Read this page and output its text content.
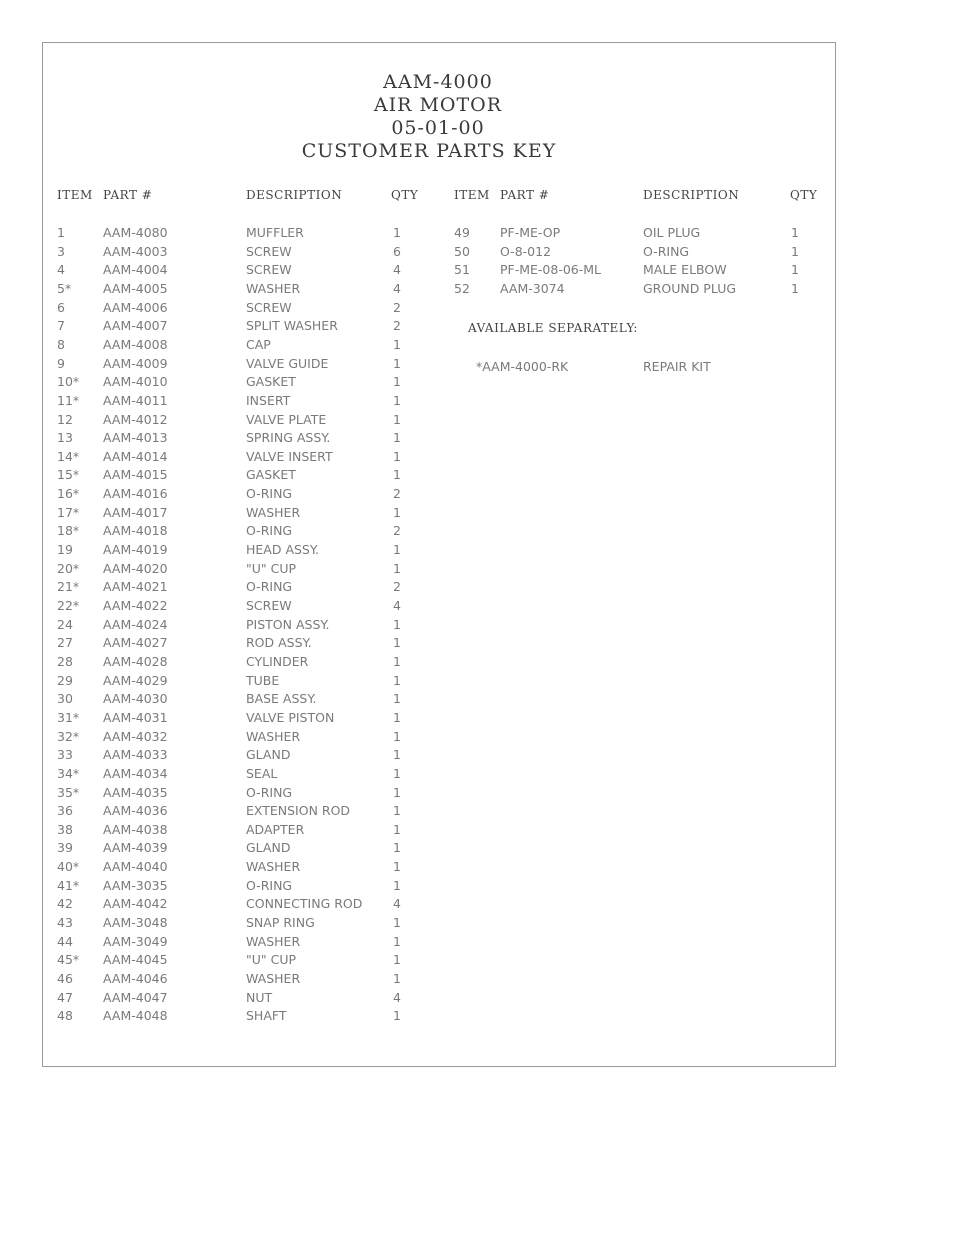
AAM-4000
AIR MOTOR
05-01-00
CUSTOMER PARTS KEY
ITEM PART #	DESCRIPTION	QTY	ITEM PART #	DESCRIPTION	QTY
1	AAM-4080	MUFFLER	1
3	AAM-4003	SCREW	6
4	AAM-4004	SCREW	4
5*	AAM-4005	WASHER	4
6	AAM-4006	SCREW	2
7	AAM-4007	SPLIT WASHER	2
8	AAM-4008	CAP	1
9	AAM-4009	VALVE GUIDE	1
10* AAM-4010	GASKET	1
11* AAM-4011	INSERT	1
12 AAM-4012	VALVE PLATE	1
13 AAM-4013	SPRING ASSY.	1
14* AAM-4014	VALVE INSERT	1
15* AAM-4015	GASKET	1
16* AAM-4016	O-RING	2
17* AAM-4017	WASHER	1
18* AAM-4018	O-RING	2
19 AAM-4019	HEAD ASSY.	1
20* AAM-4020	"U" CUP	1
21* AAM-4021	O-RING	2
22* AAM-4022	SCREW	4
24 AAM-4024	PISTON ASSY.	1
27 AAM-4027	ROD ASSY.	1
28 AAM-4028	CYLINDER	1
29 AAM-4029	TUBE	1
30 AAM-4030	BASE ASSY.	1
31* AAM-4031	VALVE PISTON	1
32* AAM-4032	WASHER	1
33 AAM-4033	GLAND	1
34* AAM-4034	SEAL	1
35* AAM-4035	O-RING	1
36 AAM-4036	EXTENSION ROD	1
38 AAM-4038	ADAPTER	1
39 AAM-4039	GLAND	1
40* AAM-4040	WASHER	1
41* AAM-3035	O-RING	1
42 AAM-4042	CONNECTING ROD 4
43 AAM-3048	SNAP RING	1
44 AAM-3049	WASHER	1
45* AAM-4045	"U" CUP	1
46 AAM-4046	WASHER	1
47 AAM-4047	NUT	4
48 AAM-4048	SHAFT	1
49 PF-ME-OP	OIL PLUG	1
50 O-8-012	O-RING	1
51 PF-ME-08-06-ML	MALE ELBOW	1
52 AAM-3074	GROUND PLUG	1
AVAILABLE SEPARATELY:
*AAM-4000-RK	REPAIR KIT
